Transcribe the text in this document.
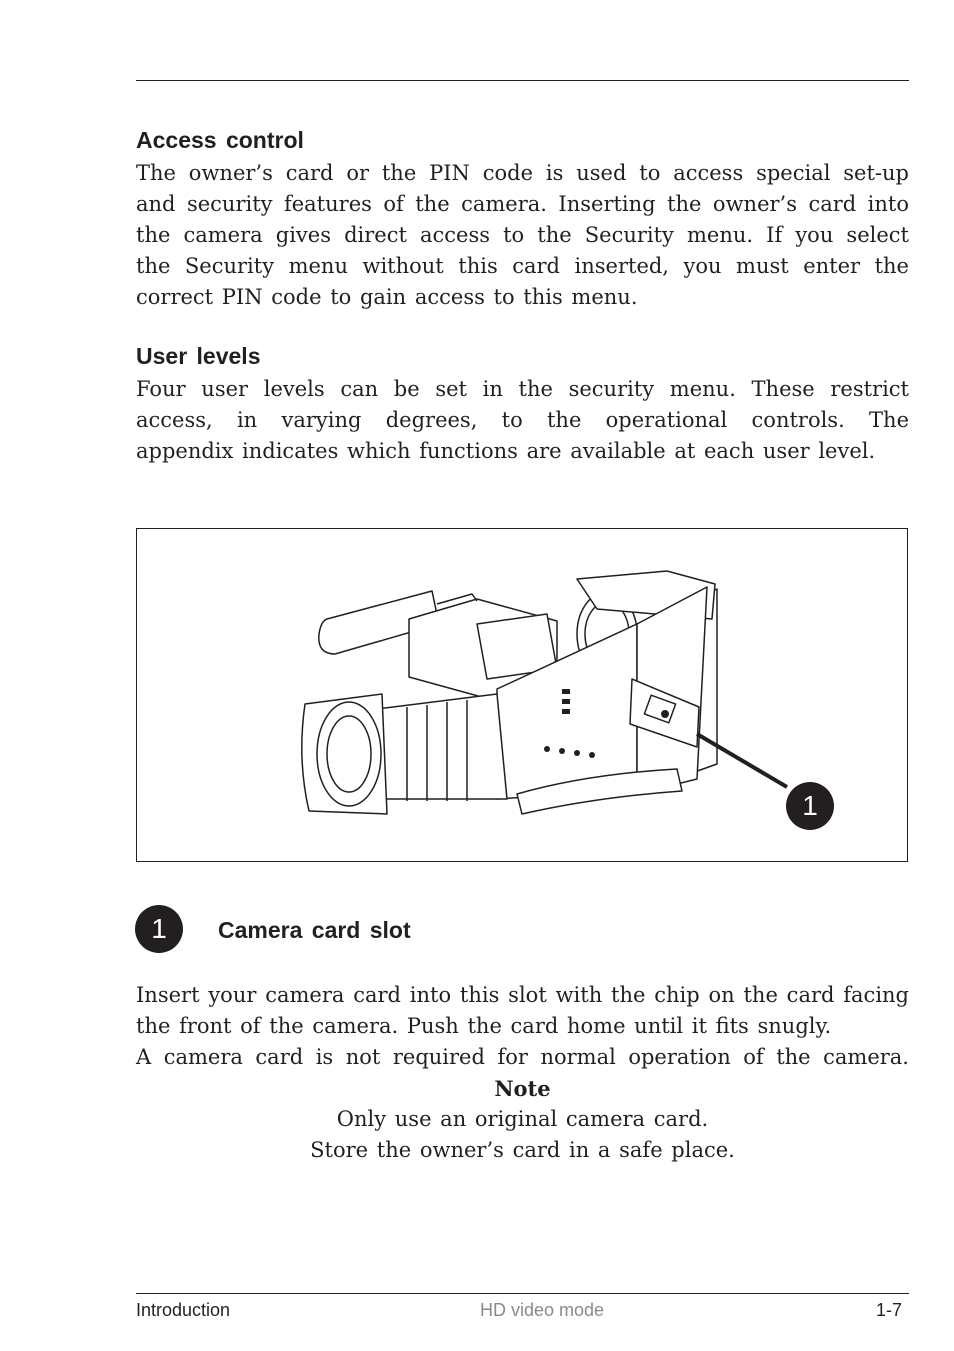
Access control
The owner’s card or the PIN code is used to access special set-up
and security features of the camera. Inserting the owner’s card into
the camera gives direct access to the Security menu. If you select
the Security menu without this card inserted, you must enter the
correct PIN code to gain access to this menu.
User levels
Four user levels can be set in the security menu. These restrict
access, in varying degrees, to the operational controls. The
appendix indicates which functions are available at each user level.
1
1	Camera card slot
Insert your camera card into this slot with the chip on the card facing
the front of the camera. Push the card home until it fits snugly.
A camera card is not required for normal operation of the camera.
Note
Only use an original camera card.
Store the owner’s card in a safe place.
Introduction	HD video mode	1-7
